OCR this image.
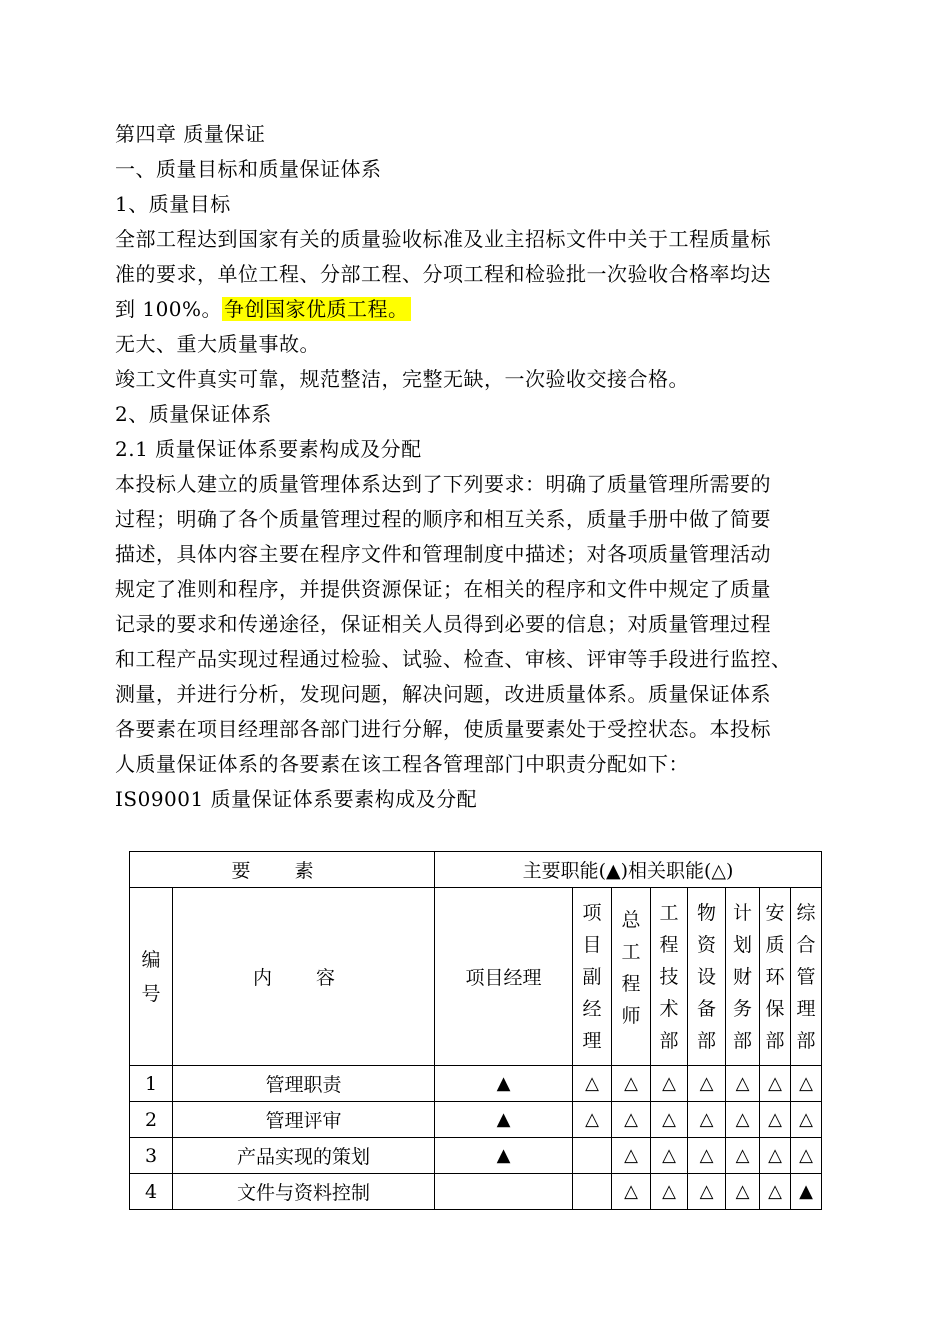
第四章 质量保证
一、质量目标和质量保证体系
1、质量目标
全部工程达到国家有关的质量验收标准及业主招标文件中关于工程质量标
准的要求，单位工程、分部工程、分项工程和检验批一次验收合格率均达
到 100%。 争创国家优质工程。
无大、重大质量事故。
竣工文件真实可靠，规范整洁，完整无缺，一次验收交接合格。
2、质量保证体系
2.1 质量保证体系要素构成及分配
本投标人建立的质量管理体系达到了下列要求：明确了质量管理所需要的
过程；明确了各个质量管理过程的顺序和相互关系，质量手册中做了简要
描述，具体内容主要在程序文件和管理制度中描述；对各项质量管理活动
规定了准则和程序，并提供资源保证；在相关的程序和文件中规定了质量
记录的要求和传递途径，保证相关人员得到必要的信息；对质量管理过程
和工程产品实现过程通过检验、试验、检查、审核、评审等手段进行监控、
测量，并进行分析，发现问题，解决问题，改进质量体系。质量保证体系
各要素在项目经理部各部门进行分解，使质量要素处于受控状态。本投标
人质量保证体系的各要素在该工程各管理部门中职责分配如下：
IS09001 质量保证体系要素构成及分配
要 素		主要职能(▲)相关职能(△)							

编号	内 容	项目经理	项目副经理	总工程师	工程技术部	物资设备部	计划财务部	安质环保部	综合管理部

1	管理职责	▲	△	△	△	△	△	△	△
2	管理评审	▲	△	△	△	△	△	△	△
3	产品实现的策划	▲		△	△	△	△	△	△
4	文件与资料控制			△	△	△	△	△	▲
